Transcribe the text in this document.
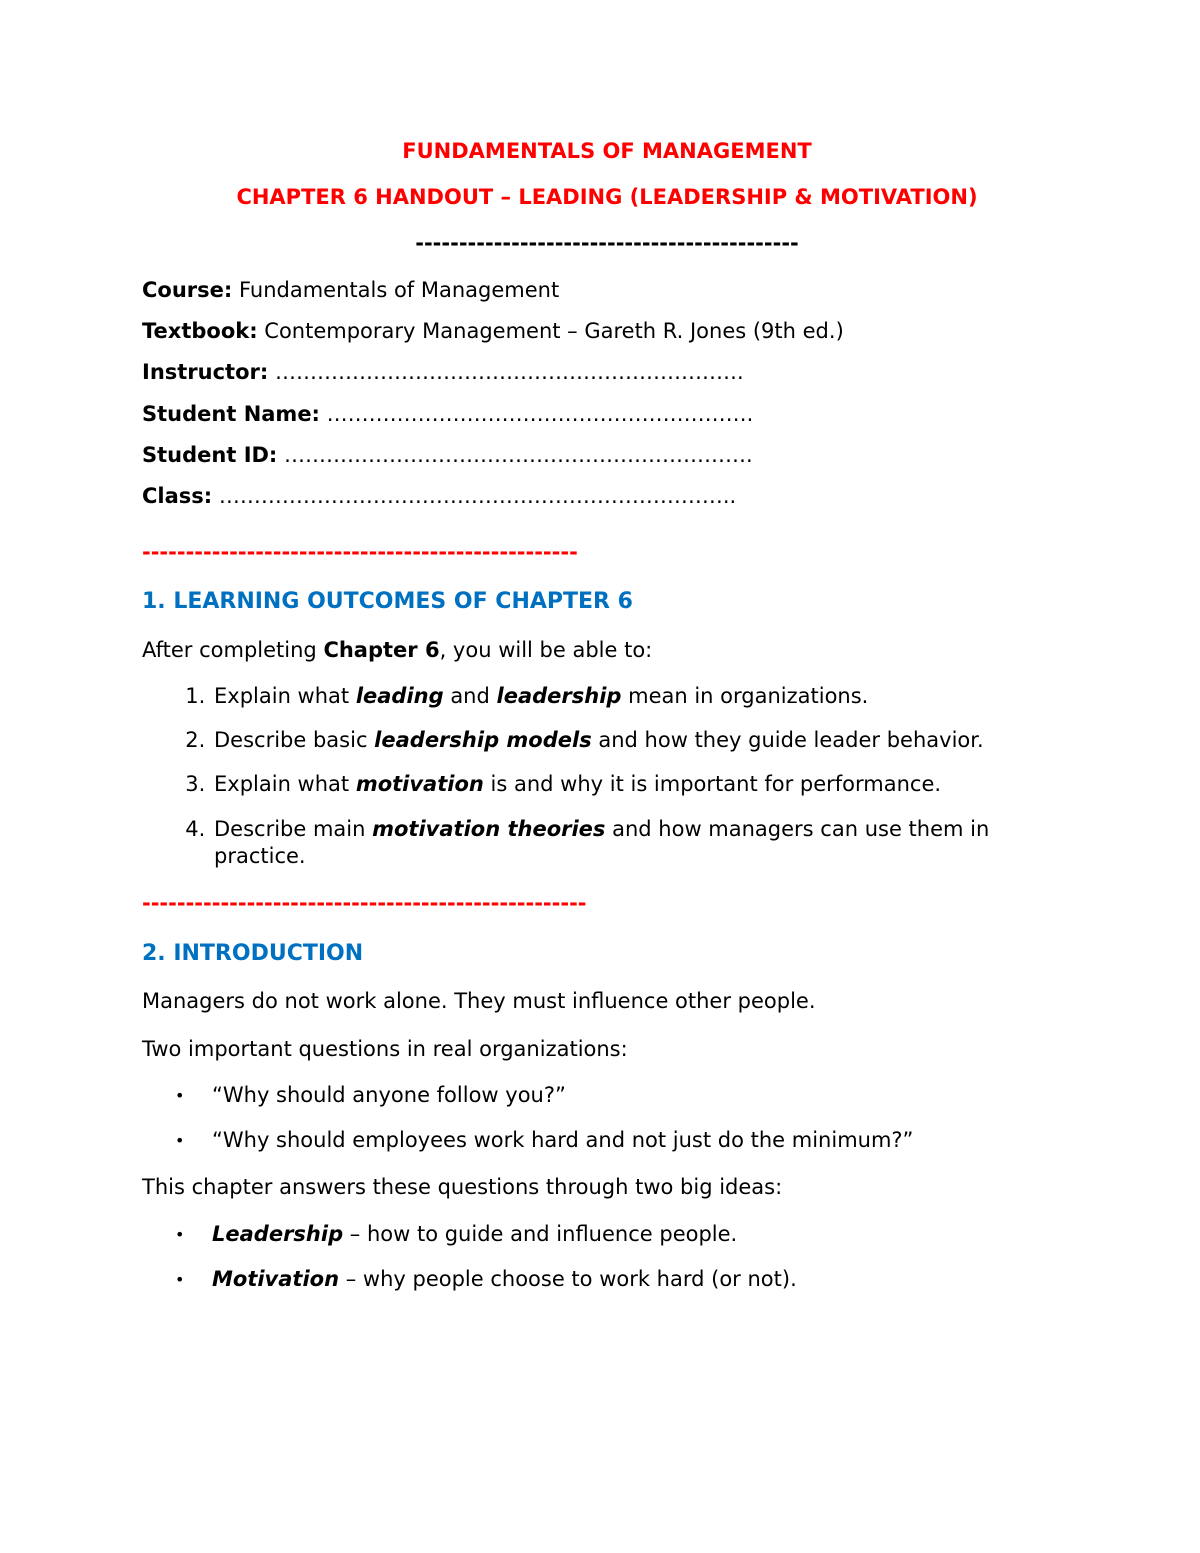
FUNDAMENTALS OF MANAGEMENT

CHAPTER 6 HANDOUT – LEADING (LEADERSHIP & MOTIVATION)

--------------------------------------------

Course: Fundamentals of Management

Textbook: Contemporary Management – Gareth R. Jones (9th ed.)

Instructor: ………………………………………………………….

Student Name: …………………………………………………….

Student ID: ………………………………………………………….

Class: ………………………………………………………………..

--------------------------------------------------

1. LEARNING OUTCOMES OF CHAPTER 6

After completing Chapter 6, you will be able to:

1. Explain what leading and leadership mean in organizations.
2. Describe basic leadership models and how they guide leader behavior.
3. Explain what motivation is and why it is important for performance.
4. Describe main motivation theories and how managers can use them in practice.
---------------------------------------------------

2. INTRODUCTION

Managers do not work alone. They must influence other people.

Two important questions in real organizations:

• “Why should anyone follow you?”
• “Why should employees work hard and not just do the minimum?”

This chapter answers these questions through two big ideas:

• Leadership – how to guide and influence people.
• Motivation – why people choose to work hard (or not).
